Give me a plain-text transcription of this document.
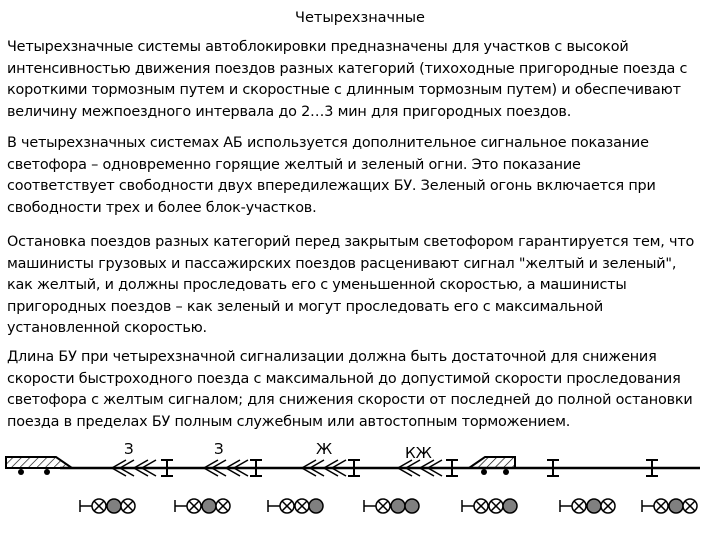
Четырехзначные
Четырехзначные системы автоблокировки предназначены для участков с высокой
интенсивностью движения поездов разных категорий (тихоходные пригородные поезда с
короткими тормозным путем и скоростные с длинным тормозным путем) и обеспечивают
величину межпоездного интервала до 2…3 мин для пригородных поездов.
В четырехзначных системах АБ используется дополнительное сигнальное показание
светофора – одновременно горящие желтый и зеленый огни. Это показание
соответствует свободности двух впередилежащих БУ. Зеленый огонь включается при
свободности трех и более блок-участков.
Остановка поездов разных категорий перед закрытым светофором гарантируется тем, что
машинисты грузовых и пассажирских поездов расценивают сигнал "желтый и зеленый",
как желтый, и должны проследовать его с уменьшенной скоростью, а машинисты
пригородных поездов – как зеленый и могут проследовать его с максимальной
установленной скоростью.
Длина БУ при четырехзначной сигнализации должна быть достаточной для снижения
скорости быстроходного поезда с максимальной до допустимой скорости проследования
светофора с желтым сигналом; для снижения скорости от последней до полной остановки
поезда в пределах БУ полным служебным или автостопным торможением.
З	З	Ж	КЖ
